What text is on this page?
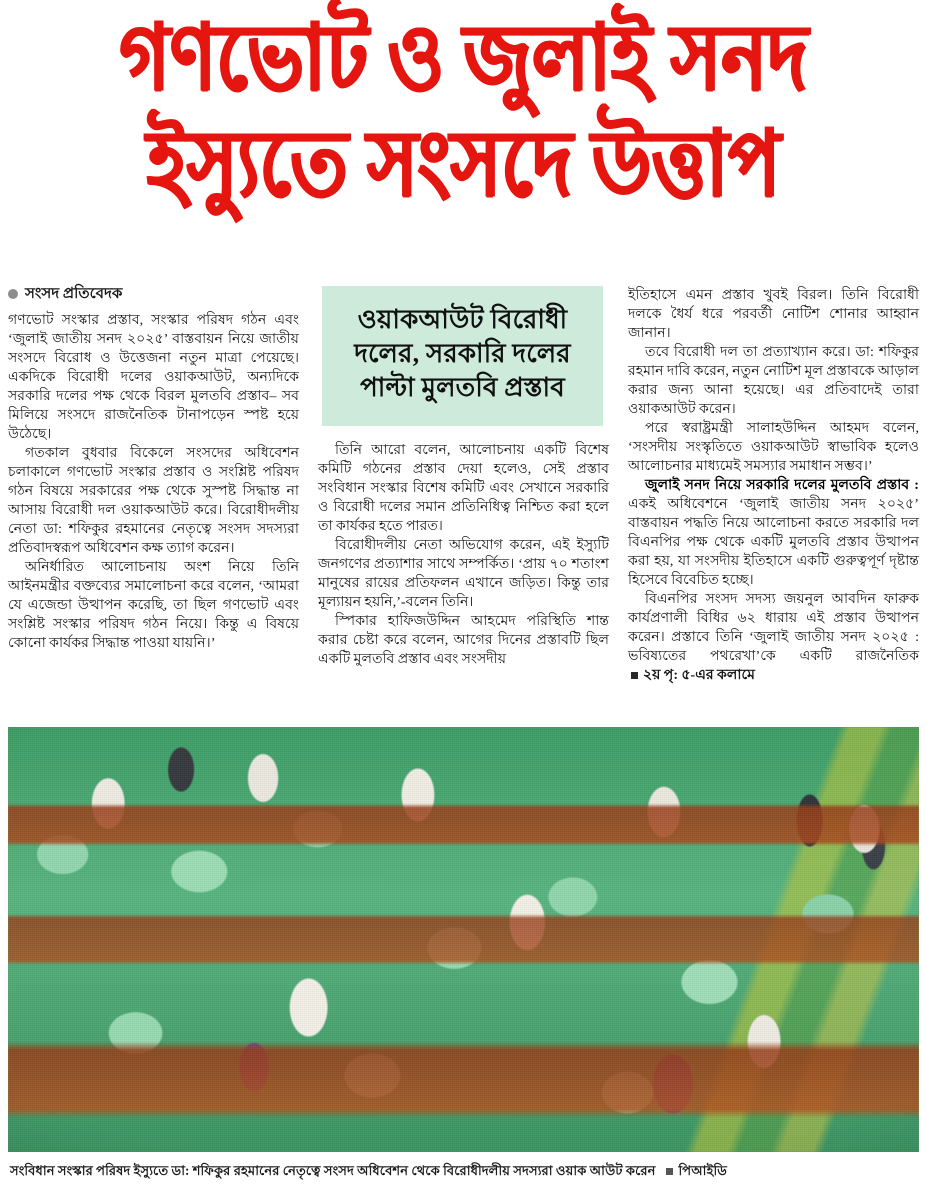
গণভোট ও জুলাই সনদ
ইস্যুতে সংসদে উত্তাপ
সংসদ প্রতিবেদক

গণভোট সংস্কার প্রস্তাব, সংস্কার পরিষদ গঠন এবং ‘জুলাই জাতীয় সনদ ২০২৫’ বাস্তবায়ন নিয়ে জাতীয় সংসদে বিরোধ ও উত্তেজনা নতুন মাত্রা পেয়েছে। একদিকে বিরোধী দলের ওয়াকআউট, অন্যদিকে সরকারি দলের পক্ষ থেকে বিরল মুলতবি প্রস্তাব– সব মিলিয়ে সংসদে রাজনৈতিক টানাপড়েন স্পষ্ট হয়ে উঠেছে।

গতকাল বুধবার বিকেলে সংসদের অধিবেশন চলাকালে গণভোট সংস্কার প্রস্তাব ও সংশ্লিষ্ট পরিষদ গঠন বিষয়ে সরকারের পক্ষ থেকে সুস্পষ্ট সিদ্ধান্ত না আসায় বিরোধী দল ওয়াকআউট করে। বিরোধীদলীয় নেতা ডা: শফিকুর রহমানের নেতৃত্বে সংসদ সদস্যরা প্রতিবাদস্বরূপ অধিবেশন কক্ষ ত্যাগ করেন।

অনির্ধারিত আলোচনায় অংশ নিয়ে তিনি আইনমন্ত্রীর বক্তব্যের সমালোচনা করে বলেন, ‘আমরা যে এজেন্ডা উত্থাপন করেছি, তা ছিল গণভোট এবং সংশ্লিষ্ট সংস্কার পরিষদ গঠন নিয়ে। কিন্তু এ বিষয়ে কোনো কার্যকর সিদ্ধান্ত পাওয়া যায়নি।’

ওয়াকআউট বিরোধী
দলের, সরকারি দলের
পাল্টা মুলতবি প্রস্তাব

তিনি আরো বলেন, আলোচনায় একটি বিশেষ কমিটি গঠনের প্রস্তাব দেয়া হলেও, সেই প্রস্তাব সংবিধান সংস্কার বিশেষ কমিটি এবং সেখানে সরকারি ও বিরোধী দলের সমান প্রতিনিধিত্ব নিশ্চিত করা হলে তা কার্যকর হতে পারত।

বিরোধীদলীয় নেতা অভিযোগ করেন, এই ইস্যুটি জনগণের প্রত্যাশার সাথে সম্পর্কিত। ‘প্রায় ৭০ শতাংশ মানুষের রায়ের প্রতিফলন এখানে জড়িত। কিন্তু তার মূল্যায়ন হয়নি,’-বলেন তিনি।

স্পিকার হাফিজউদ্দিন আহমেদ পরিস্থিতি শান্ত করার চেষ্টা করে বলেন, আগের দিনের প্রস্তাবটি ছিল একটি মুলতবি প্রস্তাব এবং সংসদীয়

ইতিহাসে এমন প্রস্তাব খুবই বিরল। তিনি বিরোধী দলকে ধৈর্য ধরে পরবর্তী নোটিশ শোনার আহ্বান জানান।

তবে বিরোধী দল তা প্রত্যাখ্যান করে। ডা: শফিকুর রহমান দাবি করেন, নতুন নোটিশ মূল প্রস্তাবকে আড়াল করার জন্য আনা হয়েছে। এর প্রতিবাদেই তারা ওয়াকআউট করেন।

পরে স্বরাষ্ট্রমন্ত্রী সালাহউদ্দিন আহমদ বলেন, ‘সংসদীয় সংস্কৃতিতে ওয়াকআউট স্বাভাবিক হলেও আলোচনার মাধ্যমেই সমস্যার সমাধান সম্ভব।’

জুলাই সনদ নিয়ে সরকারি দলের মুলতবি প্রস্তাব : একই অধিবেশনে ‘জুলাই জাতীয় সনদ ২০২৫’ বাস্তবায়ন পদ্ধতি নিয়ে আলোচনা করতে সরকারি দল বিএনপির পক্ষ থেকে একটি মুলতবি প্রস্তাব উত্থাপন করা হয়, যা সংসদীয় ইতিহাসে একটি গুরুত্বপূর্ণ দৃষ্টান্ত হিসেবে বিবেচিত হচ্ছে।

বিএনপির সংসদ সদস্য জয়নুল আবদিন ফারুক কার্যপ্রণালী বিধির ৬২ ধারায় এই প্রস্তাব উত্থাপন করেন। প্রস্তাবে তিনি ‘জুলাই জাতীয় সনদ ২০২৫ : ভবিষ্যতের পথরেখা’কে একটি রাজনৈতিক২য় পৃ: ৫-এর কলামে

সংবিধান সংস্কার পরিষদ ইস্যুতে ডা: শফিকুর রহমানের নেতৃত্বে সংসদ অধিবেশন থেকে বিরোধীদলীয় সদস্যরা ওয়াক আউট করেন পিআইডি
